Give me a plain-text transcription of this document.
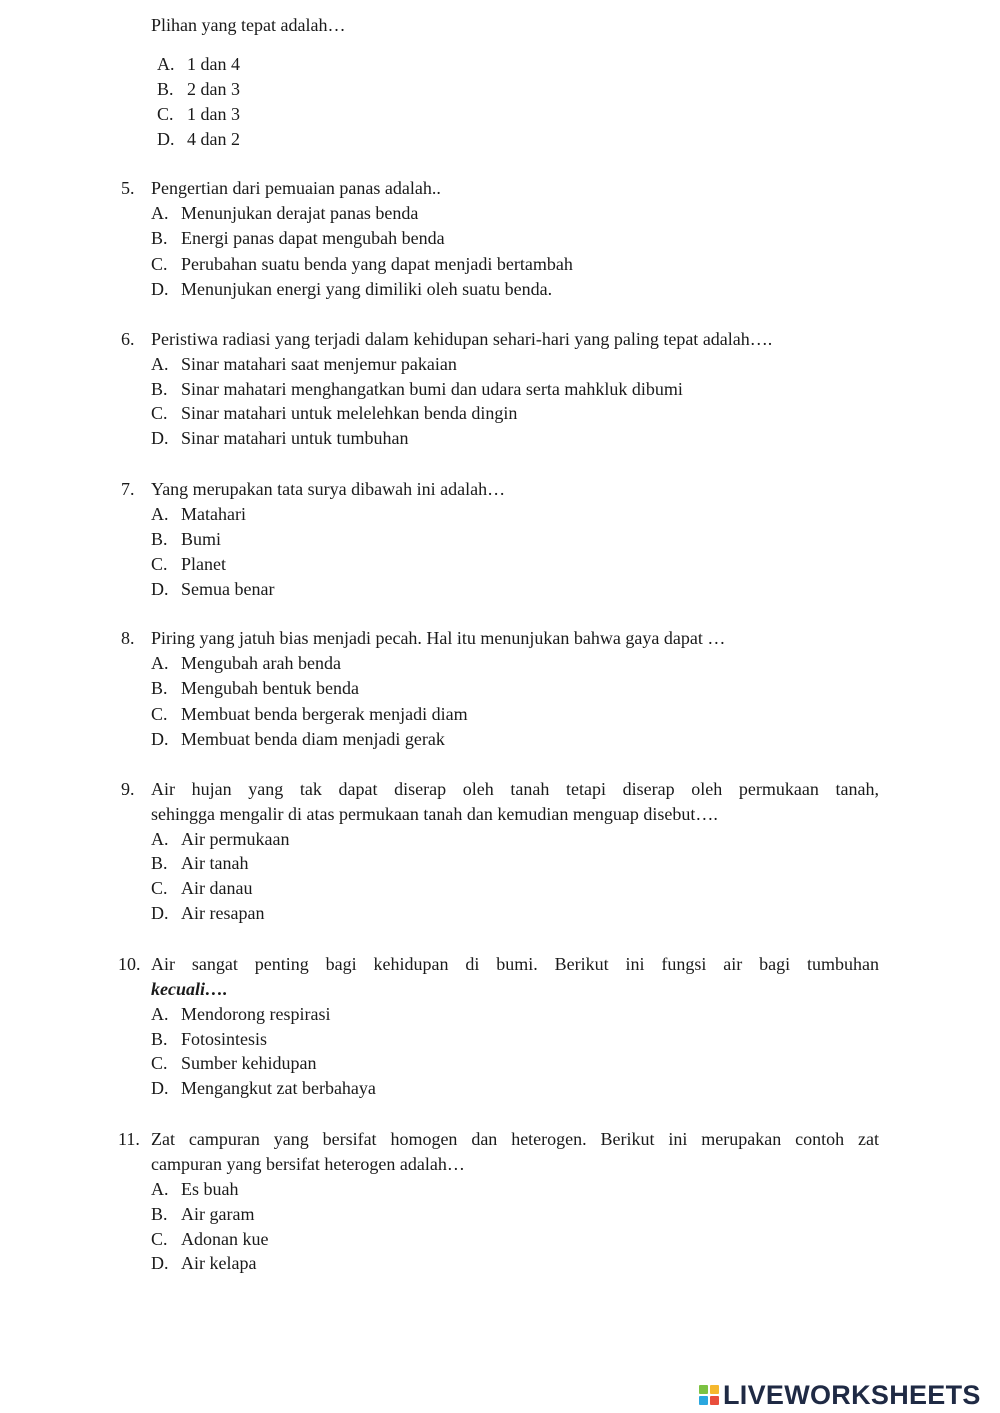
Plihan yang tepat adalah…
A. 1 dan 4
B. 2 dan 3
C. 1 dan 3
D. 4 dan 2
5. Pengertian dari pemuaian panas adalah..
A. Menunjukan derajat panas benda
B. Energi panas dapat mengubah benda
C. Perubahan suatu benda yang dapat menjadi bertambah
D. Menunjukan energi yang dimiliki oleh suatu benda.
6. Peristiwa radiasi yang terjadi dalam kehidupan sehari-hari yang paling tepat adalah….
A. Sinar matahari saat menjemur pakaian
B. Sinar mahatari menghangatkan bumi dan udara serta mahkluk dibumi
C. Sinar matahari untuk melelehkan benda dingin
D. Sinar matahari untuk tumbuhan
7. Yang merupakan tata surya dibawah ini adalah…
A. Matahari
B. Bumi
C. Planet
D. Semua benar
8. Piring yang jatuh bias menjadi pecah. Hal itu menunjukan bahwa gaya dapat …
A. Mengubah arah benda
B. Mengubah bentuk benda
C. Membuat benda bergerak menjadi diam
D. Membuat benda diam menjadi gerak
9. Air hujan yang tak dapat diserap oleh tanah tetapi diserap oleh permukaan tanah,
sehingga mengalir di atas permukaan tanah dan kemudian menguap disebut….
A. Air permukaan
B. Air tanah
C. Air danau
D. Air resapan
10. Air sangat penting bagi kehidupan di bumi. Berikut ini fungsi air bagi tumbuhan
kecuali….
A. Mendorong respirasi
B. Fotosintesis
C. Sumber kehidupan
D. Mengangkut zat berbahaya
11. Zat campuran yang bersifat homogen dan heterogen. Berikut ini merupakan contoh zat
campuran yang bersifat heterogen adalah…
A. Es buah
B. Air garam
C. Adonan kue
D. Air kelapa
LIVEWORKSHEETS
